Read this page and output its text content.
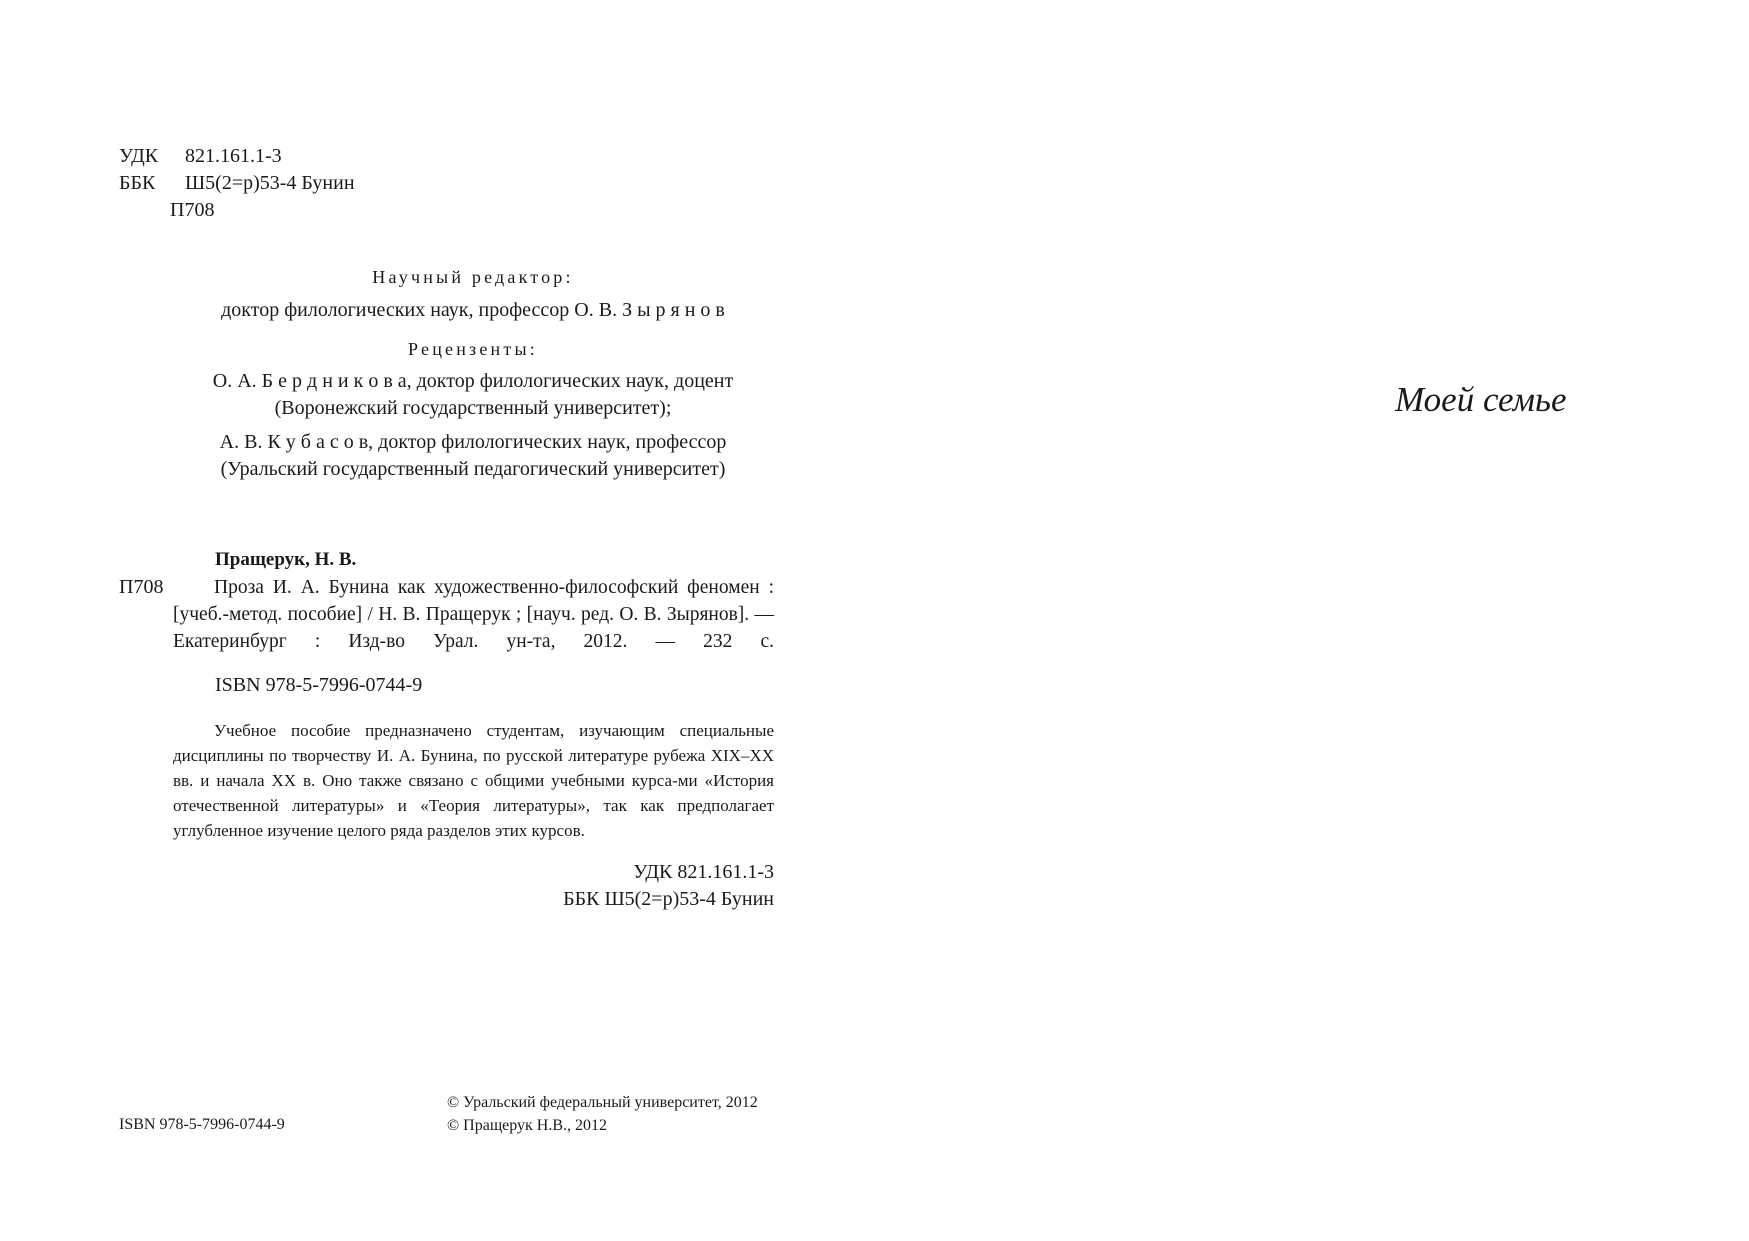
УДК	821.161.1-3
ББК	Ш5(2=р)53-4 Бунин
П708
Научный редактор:
доктор филологических наук, профессор О. В. З ы р я н о в
Рецензенты:
О. А. Б е р д н и к о в а, доктор филологических наук, доцент
(Воронежский государственный университет);
А. В. К у б а с о в, доктор филологических наук, профессор
(Уральский государственный педагогический университет)
Пращерук, Н. В.
П708	Проза И. А. Бунина как художественно-философский феномен : [учеб.-метод. пособие] / Н. В. Пращерук ; [науч. ред. О. В. Зырянов]. — Екатеринбург : Изд-во Урал. ун-та, 2012. — 232 с.
ISBN 978-5-7996-0744-9
Учебное пособие предназначено студентам, изучающим специальные дисциплины по творчеству И. А. Бунина, по русской литературе рубежа XIX–XX вв. и начала XX в. Оно также связано с общими учебными курса-ми «История отечественной литературы» и «Теория литературы», так как предполагает углубленное изучение целого ряда разделов этих курсов.
УДК 821.161.1-3
ББК Ш5(2=р)53-4 Бунин
ISBN 978-5-7996-0744-9
© Уральский федеральный университет, 2012
© Пращерук Н.В., 2012
Моей семье
